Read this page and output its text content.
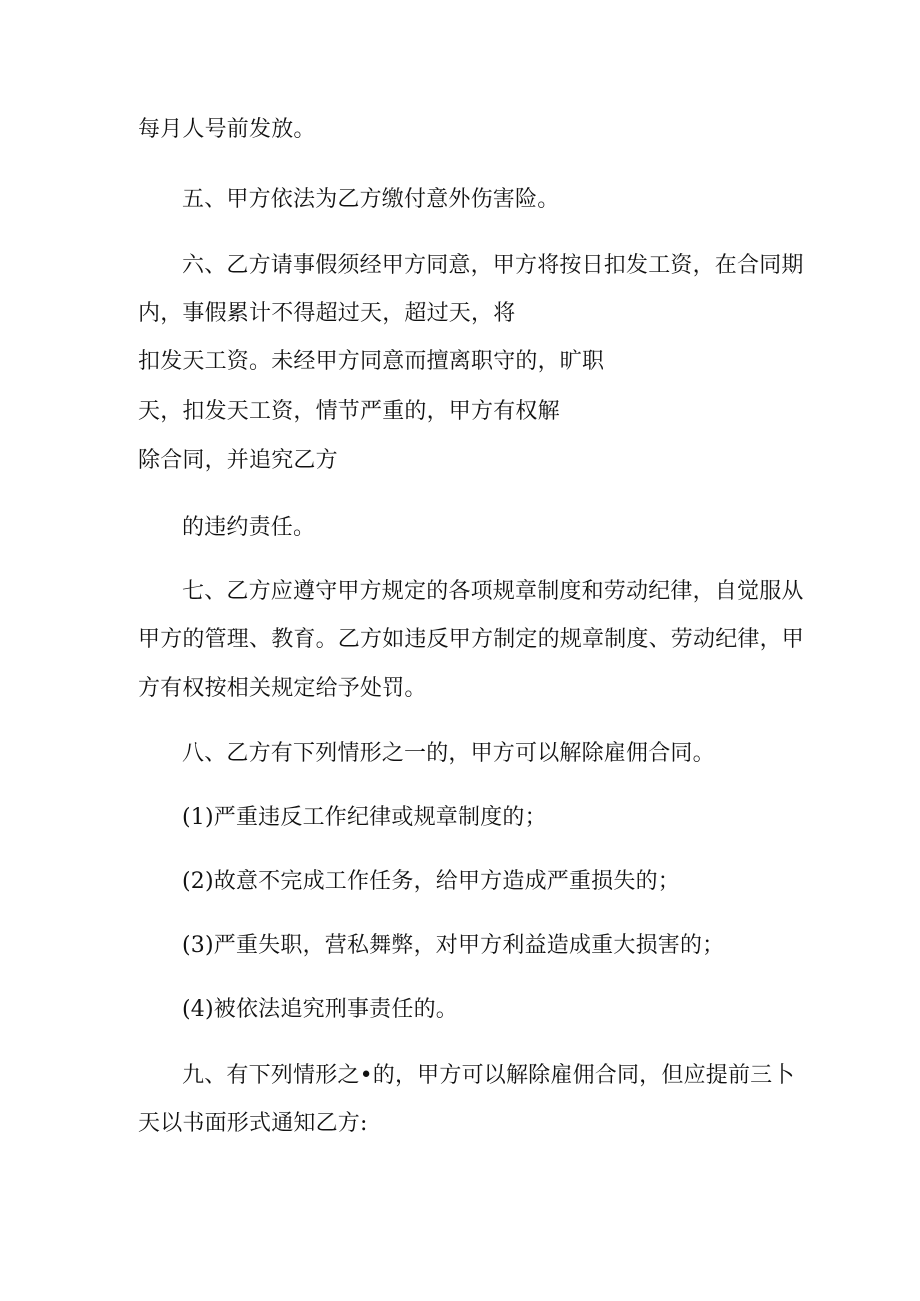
每月人号前发放。
五、甲方依法为乙方缴付意外伤害险。
六、乙方请事假须经甲方同意，甲方将按日扣发工资，在合同期
内，事假累计不得超过天，超过天，将
扣发天工资。未经甲方同意而擅离职守的，旷职
天，扣发天工资，情节严重的，甲方有权解
除合同，并追究乙方
的违约责任。
七、乙方应遵守甲方规定的各项规章制度和劳动纪律，自觉服从
甲方的管理、教育。乙方如违反甲方制定的规章制度、劳动纪律，甲
方有权按相关规定给予处罚。
八、乙方有下列情形之一的，甲方可以解除雇佣合同。
(1)严重违反工作纪律或规章制度的；
(2)故意不完成工作任务，给甲方造成严重损失的；
(3)严重失职，营私舞弊，对甲方利益造成重大损害的；
(4)被依法追究刑事责任的。
九、有下列情形之•的，甲方可以解除雇佣合同，但应提前三卜
天以书面形式通知乙方:
